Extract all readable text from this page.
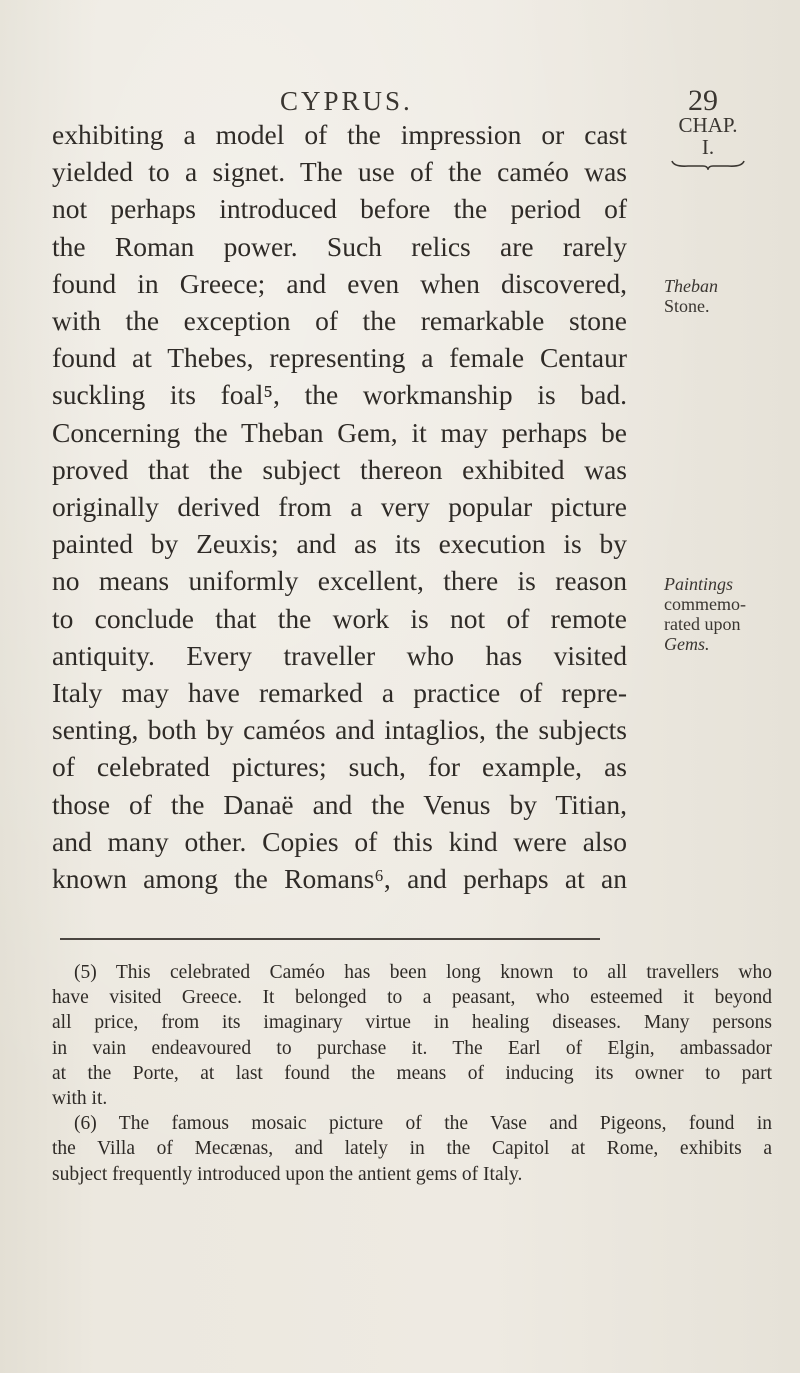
CYPRUS.	29
CHAP.
I.
Theban
Stone.
Paintings
commemo-
rated upon
Gems.
exhibiting a model of the impression or cast
yielded to a signet. The use of the caméo was
not perhaps introduced before the period of
the Roman power. Such relics are rarely
found in Greece; and even when discovered,
with the exception of the remarkable stone
found at Thebes, representing a female Centaur
suckling its foal⁵, the workmanship is bad.
Concerning the Theban Gem, it may perhaps be
proved that the subject thereon exhibited was
originally derived from a very popular picture
painted by Zeuxis; and as its execution is by
no means uniformly excellent, there is reason
to conclude that the work is not of remote
antiquity. Every traveller who has visited
Italy may have remarked a practice of repre-
senting, both by caméos and intaglios, the subjects
of celebrated pictures; such, for example, as
those of the Danaë and the Venus by Titian,
and many other. Copies of this kind were also
known among the Romans⁶, and perhaps at an
(5) This celebrated Caméo has been long known to all travellers who
have visited Greece. It belonged to a peasant, who esteemed it beyond
all price, from its imaginary virtue in healing diseases. Many persons
in vain endeavoured to purchase it. The Earl of Elgin, ambassador
at the Porte, at last found the means of inducing its owner to part
with it.
(6) The famous mosaic picture of the Vase and Pigeons, found in
the Villa of Mecænas, and lately in the Capitol at Rome, exhibits a
subject frequently introduced upon the antient gems of Italy.
